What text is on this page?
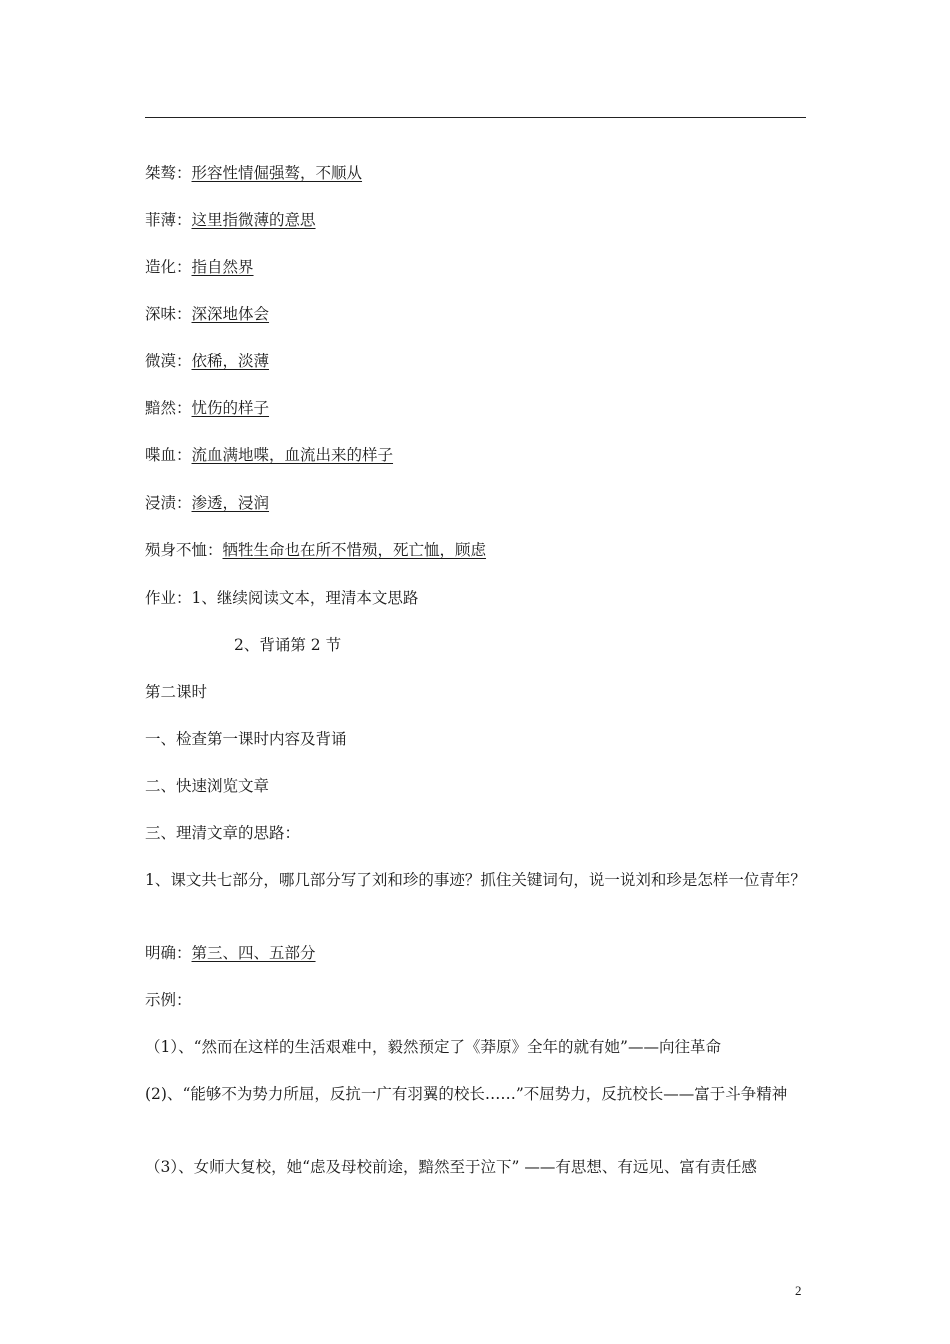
桀骜：形容性情倔强骜，不顺从
菲薄：这里指微薄的意思
造化：指自然界
深味：深深地体会
微漠：依稀，淡薄
黯然：忧伤的样子
喋血：流血满地喋，血流出来的样子
浸渍：渗透，浸润
殒身不恤：牺牲生命也在所不惜殒，死亡恤，顾虑
作业：1、继续阅读文本，理清本文思路
2、背诵第 2 节
第二课时
一、检查第一课时内容及背诵
二、快速浏览文章
三、理清文章的思路：
1、课文共七部分，哪几部分写了刘和珍的事迹？抓住关键词句，说一说刘和珍是怎样一位青年？
明确：第三、四、五部分
示例：
（1）、“然而在这样的生活艰难中，毅然预定了《莽原》全年的就有她”——向往革命
(2)、“能够不为势力所屈，反抗一广有羽翼的校长……”不屈势力，反抗校长——富于斗争精神
（3）、女师大复校，她“虑及母校前途，黯然至于泣下” ——有思想、有远见、富有责任感
2
